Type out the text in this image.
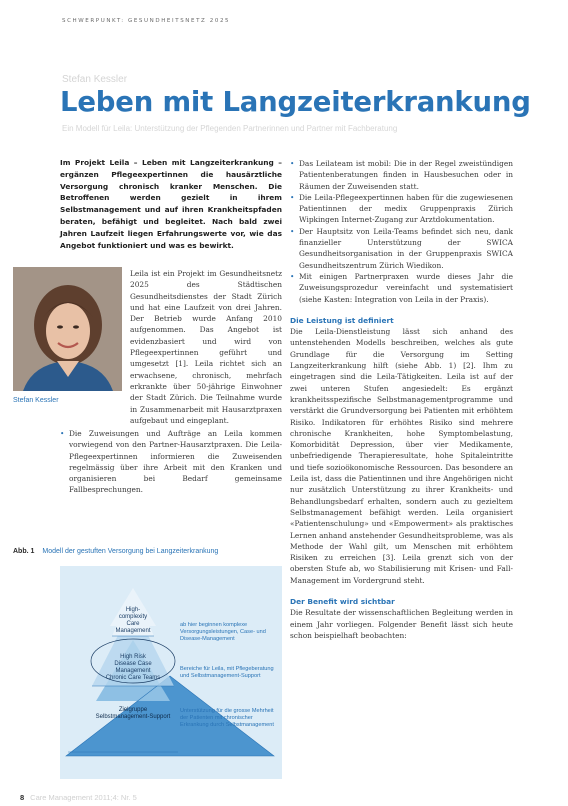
SCHWERPUNKT: GESUNDHEITSNETZ 2025
Stefan Kessler
Leben mit Langzeiterkrankung
Ein Modell für Leila: Unterstützung der Pflegenden Partnerinnen und Partner mit Fachberatung
Im Projekt Leila – Leben mit Langzeiterkrankung – ergänzen Pflegeexpertinnen die hausärztliche Versorgung chronisch kranker Menschen. Die Betroffenen werden gezielt in ihrem Selbstmanagement und auf ihren Krankheitspfaden beraten, befähigt und begleitet. Nach bald zwei Jahren Laufzeit liegen Erfahrungswerte vor, wie das Angebot funktioniert und was es bewirkt.
Stefan Kessler

Leila ist ein Projekt im Gesundheitsnetz 2025 des Städtischen Gesundheitsdienstes der Stadt Zürich und hat eine Laufzeit von drei Jahren. Der Betrieb wurde Anfang 2010 aufgenommen. Das Angebot ist evidenzbasiert und wird von Pflegeexpertinnen geführt und umgesetzt [1]. Leila richtet sich an erwachsene, chronisch, mehrfach erkrankte über 50-jährige Einwohner der Stadt Zürich. Die Teilnahme wurde in Zusammenarbeit mit Hausarztpraxen aufgebaut und eingeplant.

• Die Zuweisungen und Aufträge an Leila kommen vorwiegend von den Partner-Hausarztpraxen. Die Leila-Pflegeexpertinnen informieren die Zuweisenden regelmässig über ihre Arbeit mit den Kranken und organisieren bei Bedarf gemeinsame Fallbesprechungen.
• Das Leilateam ist mobil: Die in der Regel zweistündigen Patientenberatungen finden in Hausbesuchen oder in Räumen der Zuweisenden statt.
• Die Leila-Pflegeexpertinnen haben für die zugewiesenen Patientinnen der medix Gruppenpraxis Zürich Wipkingen Internet-Zugang zur Arztdokumentation.
• Der Hauptsitz von Leila-Teams befindet sich neu, dank finanzieller Unterstützung der SWICA Gesundheitsorganisation in der Gruppenpraxis SWICA Gesundheitszentrum Zürich Wiedikon.
• Mit einigen Partnerpraxen wurde dieses Jahr die Zuweisungsprozedur vereinfacht und systematisiert (siehe Kasten: Integration von Leila in der Praxis).
Die Leistung ist definiert

Die Leila-Dienstleistung lässt sich anhand des untenstehenden Modells beschreiben, welches als gute Grundlage für die Versorgung im Setting Langzeiterkrankung hilft (siehe Abb. 1) [2]. Ihm zu eingetragen sind die Leila-Tätigkeiten. Leila ist auf der zwei unteren Stufen angesiedelt: Es ergänzt krankheitsspezifische Selbstmanagementprogramme und verstärkt die Grundversorgung bei Patienten mit erhöhtem Risiko. Indikatoren für erhöhtes Risiko sind mehrere chronische Krankheiten, hohe Symptombelastung, Komorbidität Depression, über vier Medikamente, unbefriedigende Therapieresultate, hohe Spitaleintritte und tiefe sozioökonomische Ressourcen. Das besondere an Leila ist, dass die Patientinnen und ihre Angehörigen nicht nur zusätzlich Unterstützung zu ihrer Krankheits- und Behandlungsbedarf erhalten, sondern auch zu gezieltem Selbstmanagement befähigt werden. Leila organisiert «Patientenschulung» und «Empowerment» als praktisches Lernen anhand anstehender Gesundheitsprobleme, was als Methode der Wahl gilt, um Menschen mit erhöhtem Risiken zu erreichen [3]. Leila grenzt sich von der obersten Stufe ab, wo Stabilisierung mit Krisen- und Fall-Management im Vordergrund steht.

Der Benefit wird sichtbar

Die Resultate der wissenschaftlichen Begleitung werden in einem Jahr vorliegen. Folgender Benefit lässt sich heute schon beispielhaft beobachten:

Abb. 1 Modell der gestuften Versorgung bei Langzeiterkrankung
High-complexity Care Management
High Risk Disease Case Management Chronic Care Teams
Zielgruppe Selbstmanagement-Support
ab hier beginnen komplexe Versorgungsleistungen, Case- und Disease-Management
Bereiche für Leila, mit Pflegeberatung und Selbstmanagement-Support
Unterstützung für die grosse Mehrheit der Patienten mit chronischer Erkrankung durch Selbstmanagement
8 Care Management 2011;4: Nr. 5
